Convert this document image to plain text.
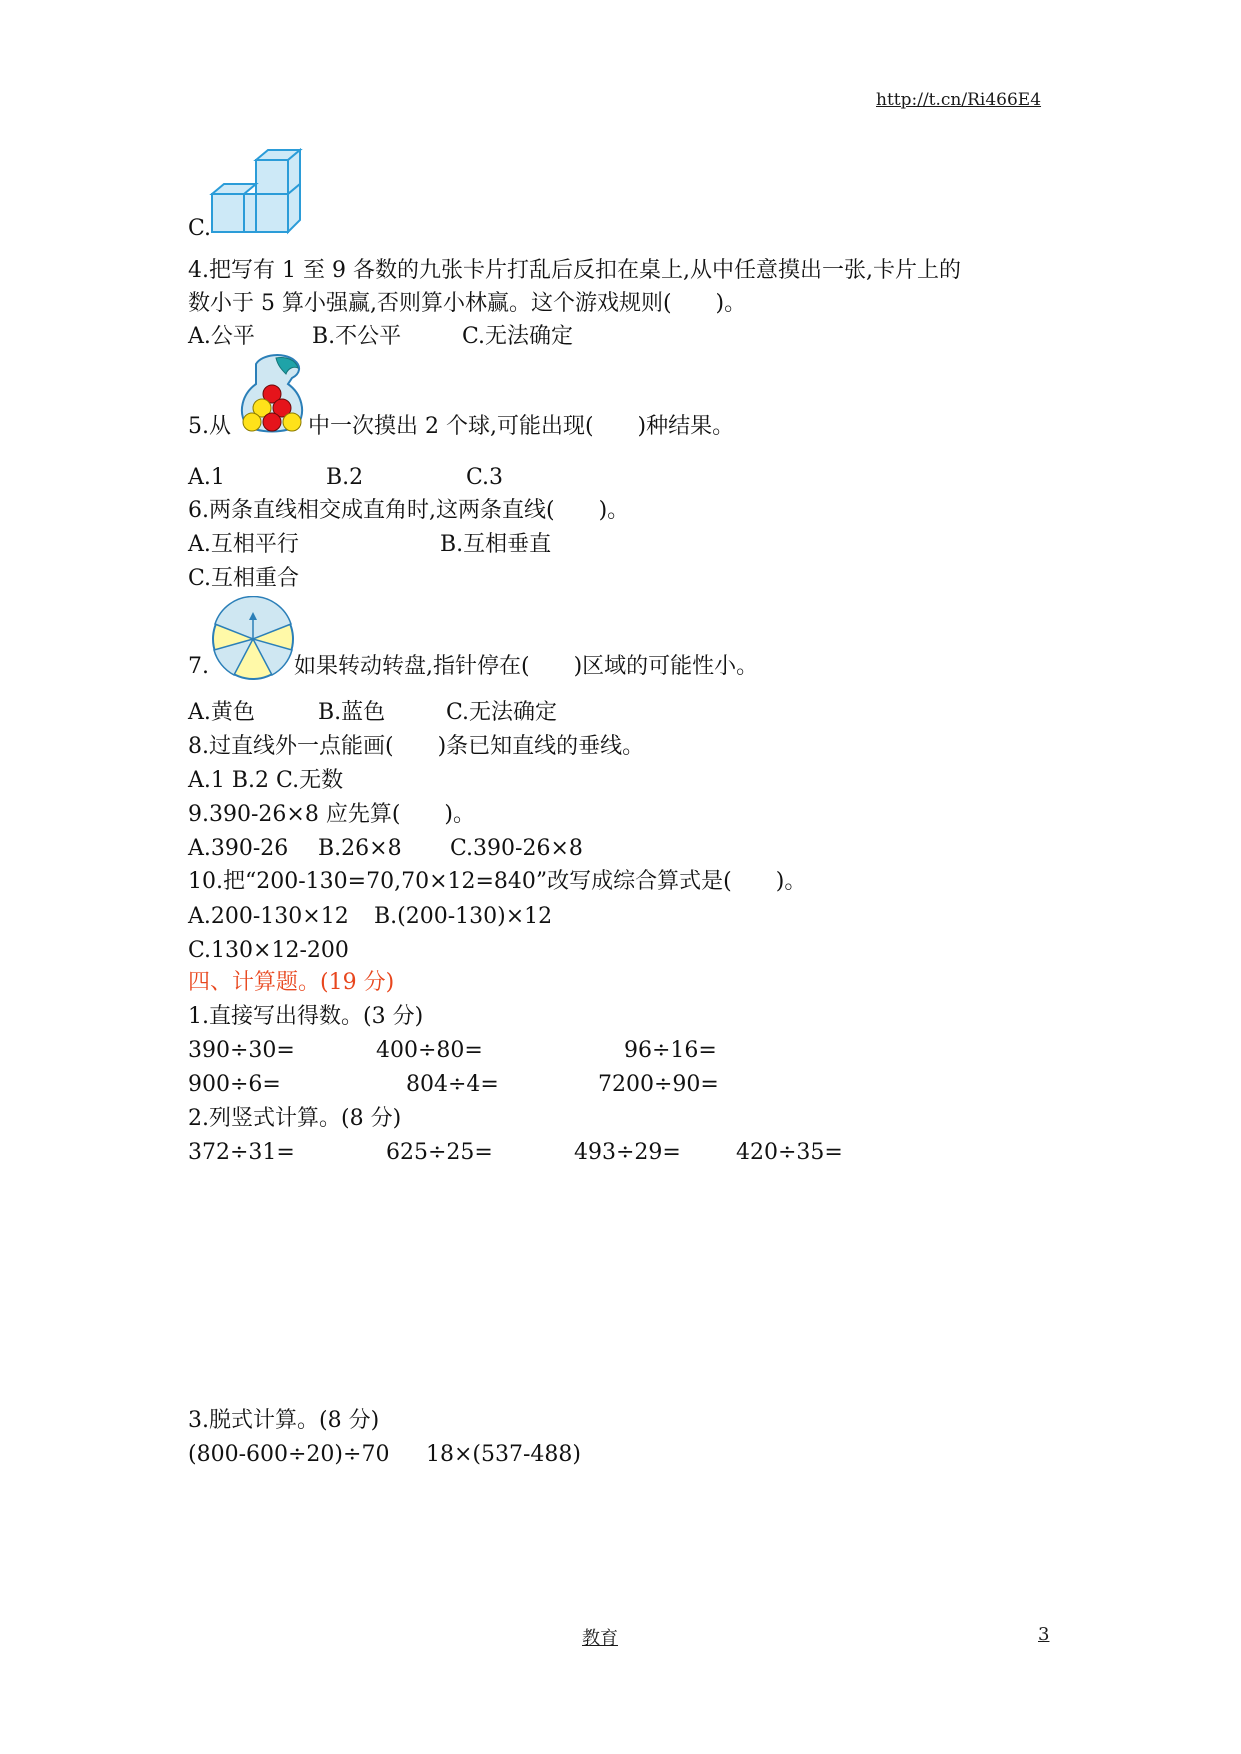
http://t.cn/Ri466E4
C.
4.把写有 1 至 9 各数的九张卡片打乱后反扣在桌上,从中任意摸出一张,卡片上的
数小于 5 算小强赢,否则算小林赢。这个游戏规则(　　)。
A.公平	B.不公平	C.无法确定
5.从	中一次摸出 2 个球,可能出现(　　)种结果。
A.1	B.2	C.3
6.两条直线相交成直角时,这两条直线(　　)。
A.互相平行	B.互相垂直
C.互相重合
7.	如果转动转盘,指针停在(　　)区域的可能性小。
A.黄色	B.蓝色	C.无法确定
8.过直线外一点能画(　　)条已知直线的垂线。
A.1 B.2 C.无数
9.390-26×8 应先算(　　)。
A.390-26 B.26×8 C.390-26×8
10.把“200-130=70,70×12=840”改写成综合算式是(　　)。
A.200-130×12 B.(200-130)×12
C.130×12-200
四、计算题。(19 分)
1.直接写出得数。(3 分)
390÷30=	400÷80=	96÷16=
900÷6=	804÷4=	7200÷90=
2.列竖式计算。(8 分)
372÷31=	625÷25=	493÷29=	420÷35=
3.脱式计算。(8 分)
(800-600÷20)÷70 18×(537-488)
教育	3
